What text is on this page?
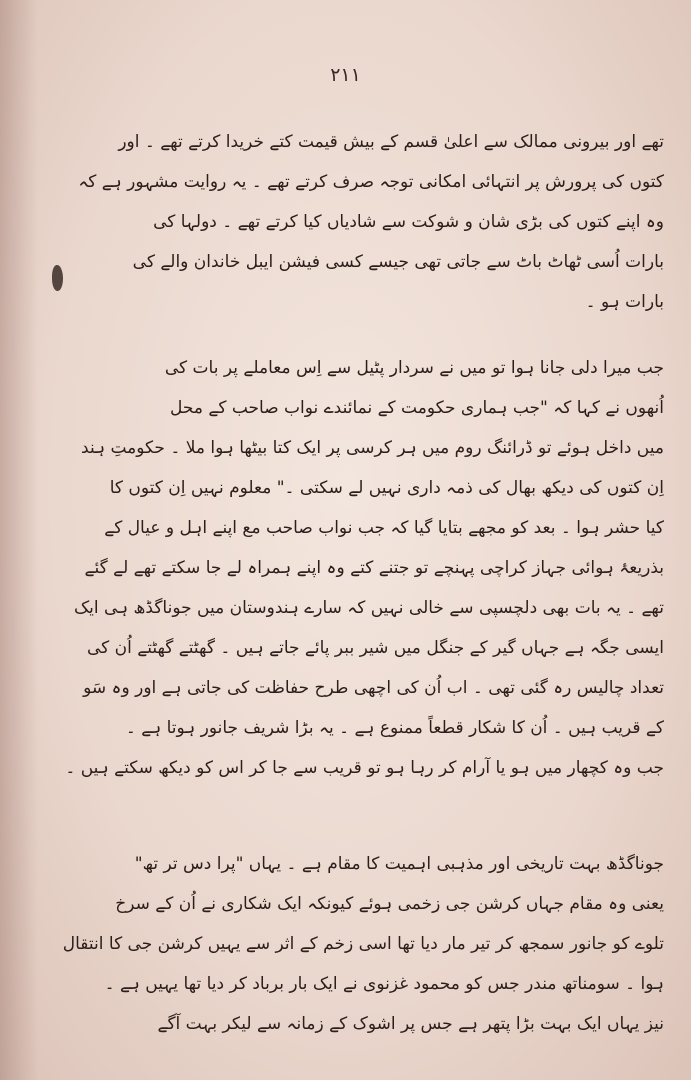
۲۱۱
تھے اور بیرونی ممالک سے اعلیٰ قسم کے بیش قیمت کتے خریدا کرتے تھے ۔ اور
کتوں کی پرورش پر انتہائی امکانی توجہ صرف کرتے تھے ۔ یہ روایت مشہور ہے کہ
وہ اپنے کتوں کی بڑی شان و شوکت سے شادیاں کیا کرتے تھے ۔ دولہا کی
بارات اُسی ٹھاٹ باٹ سے جاتی تھی جیسے کسی فیشن ایبل خاندان والے کی
بارات ہو ۔
جب میرا دلی جانا ہوا تو میں نے سردار پٹیل سے اِس معاملے پر بات کی
اُنھوں نے کہا کہ "جب ہماری حکومت کے نمائندے نواب صاحب کے محل
میں داخل ہوئے تو ڈرائنگ روم میں ہر کرسی پر ایک کتا بیٹھا ہوا ملا ۔ حکومتِ ہند
اِن کتوں کی دیکھ بھال کی ذمہ داری نہیں لے سکتی ۔" معلوم نہیں اِن کتوں کا
کیا حشر ہوا ۔ بعد کو مجھے بتایا گیا کہ جب نواب صاحب مع اپنے اہل و عیال کے
بذریعۂ ہوائی جہاز کراچی پہنچے تو جتنے کتے وہ اپنے ہمراہ لے جا سکتے تھے لے گئے
تھے ۔ یہ بات بھی دلچسپی سے خالی نہیں کہ سارے ہندوستان میں جوناگڈھ ہی ایک
ایسی جگہ ہے جہاں گیر کے جنگل میں شیر ببر پائے جاتے ہیں ۔ گھٹتے گھٹتے اُن کی
تعداد چالیس رہ گئی تھی ۔ اب اُن کی اچھی طرح حفاظت کی جاتی ہے اور وہ سَو
کے قریب ہیں ۔ اُن کا شکار قطعاً ممنوع ہے ۔ یہ بڑا شریف جانور ہوتا ہے ۔
جب وہ کچھار میں ہو یا آرام کر رہا ہو تو قریب سے جا کر اس کو دیکھ سکتے ہیں ۔
جوناگڈھ بہت تاریخی اور مذہبی اہمیت کا مقام ہے ۔ یہاں "پرا دس تر تھ"
یعنی وہ مقام جہاں کرشن جی زخمی ہوئے کیونکہ ایک شکاری نے اُن کے سرخ
تلوے کو جانور سمجھ کر تیر مار دیا تھا اسی زخم کے اثر سے یہیں کرشن جی کا انتقال
ہوا ۔ سومناتھ مندر جس کو محمود غزنوی نے ایک بار برباد کر دیا تھا یہیں ہے ۔
نیز یہاں ایک بہت بڑا پتھر ہے جس پر اشوک کے زمانہ سے لیکر بہت آگے
